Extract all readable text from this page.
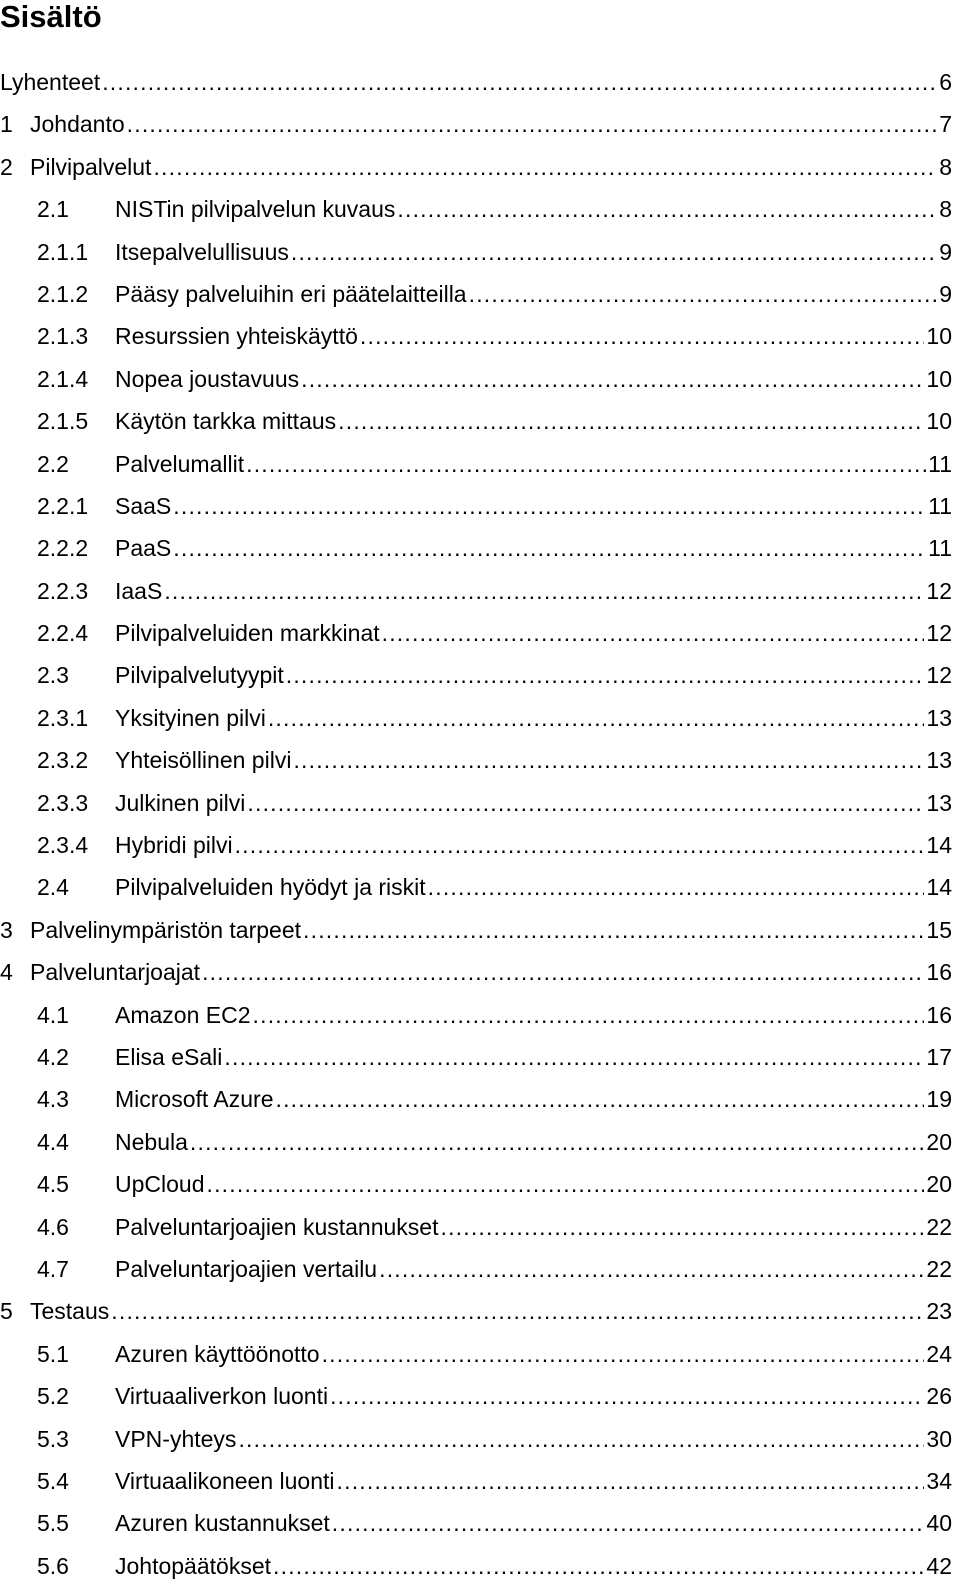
Sisältö
Lyhenteet .....	6
1 Johdanto .....	7
2 Pilvipalvelut .....	8
2.1	NISTin pilvipalvelun kuvaus .....	8
2.1.1	Itsepalvelullisuus .....	9
2.1.2	Pääsy palveluihin eri päätelaitteilla .....	9
2.1.3	Resurssien yhteiskäyttö .....	10
2.1.4	Nopea joustavuus .....	10
2.1.5	Käytön tarkka mittaus .....	10
2.2	Palvelumallit .....	11
2.2.1	SaaS .....	11
2.2.2	PaaS .....	11
2.2.3	IaaS .....	12
2.2.4	Pilvipalveluiden markkinat .....	12
2.3	Pilvipalvelutyypit .....	12
2.3.1	Yksityinen pilvi .....	13
2.3.2	Yhteisöllinen pilvi .....	13
2.3.3	Julkinen pilvi .....	13
2.3.4	Hybridi pilvi .....	14
2.4	Pilvipalveluiden hyödyt ja riskit .....	14
3 Palvelinympäristön tarpeet .....	15
4 Palveluntarjoajat .....	16
4.1	Amazon EC2 .....	16
4.2	Elisa eSali .....	17
4.3	Microsoft Azure .....	19
4.4	Nebula .....	20
4.5	UpCloud .....	20
4.6	Palveluntarjoajien kustannukset .....	22
4.7	Palveluntarjoajien vertailu .....	22
5 Testaus .....	23
5.1	Azuren käyttöönotto .....	24
5.2	Virtuaaliverkon luonti .....	26
5.3	VPN-yhteys .....	30
5.4	Virtuaalikoneen luonti .....	34
5.5	Azuren kustannukset .....	40
5.6	Johtopäätökset .....	42
